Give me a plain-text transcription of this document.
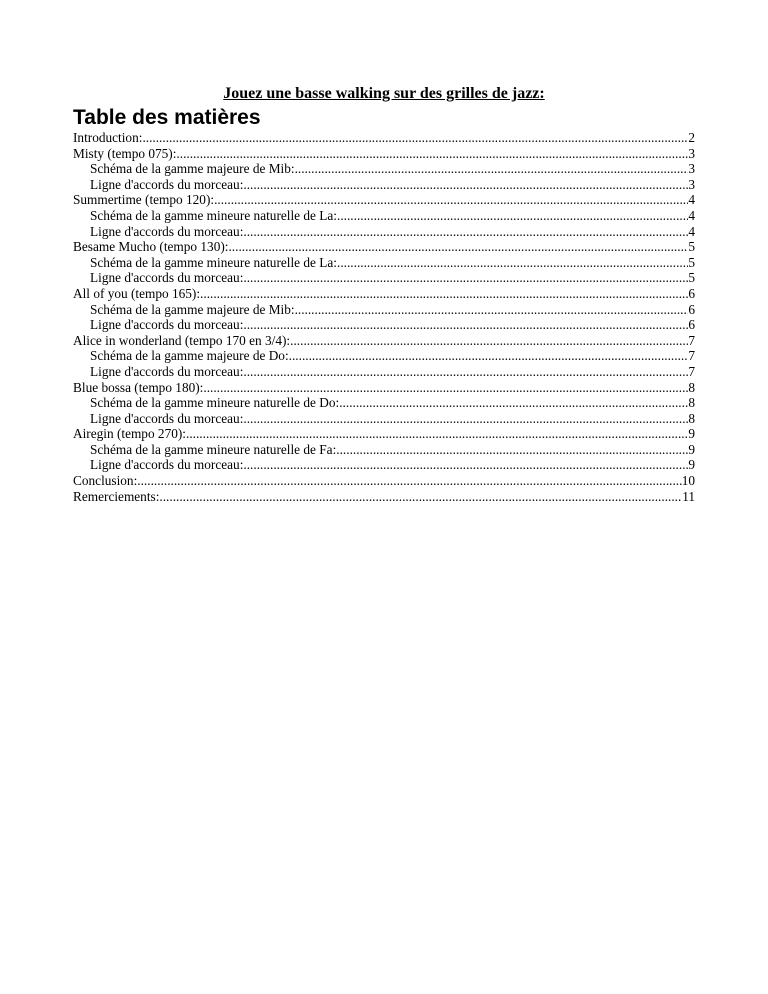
Jouez une basse walking sur des grilles de jazz:
Table des matières
Introduction: .....	2
Misty (tempo 075): .....	3
Schéma de la gamme majeure de Mib: .....	3
Ligne d'accords du morceau: .....	3
Summertime (tempo 120): .....	4
Schéma de la gamme mineure naturelle de La: .....	4
Ligne d'accords du morceau: .....	4
Besame Mucho (tempo 130): .....	5
Schéma de la gamme mineure naturelle de La: .....	5
Ligne d'accords du morceau: .....	5
All of you (tempo 165): .....	6
Schéma de la gamme majeure de Mib: .....	6
Ligne d'accords du morceau: .....	6
Alice in wonderland (tempo 170 en 3/4): .....	7
Schéma de la gamme majeure de Do: .....	7
Ligne d'accords du morceau: .....	7
Blue bossa (tempo 180): .....	8
Schéma de la gamme mineure naturelle de Do: .....	8
Ligne d'accords du morceau: .....	8
Airegin (tempo 270): .....	9
Schéma de la gamme mineure naturelle de Fa: .....	9
Ligne d'accords du morceau: .....	9
Conclusion: .....	10
Remerciements: .....	11
